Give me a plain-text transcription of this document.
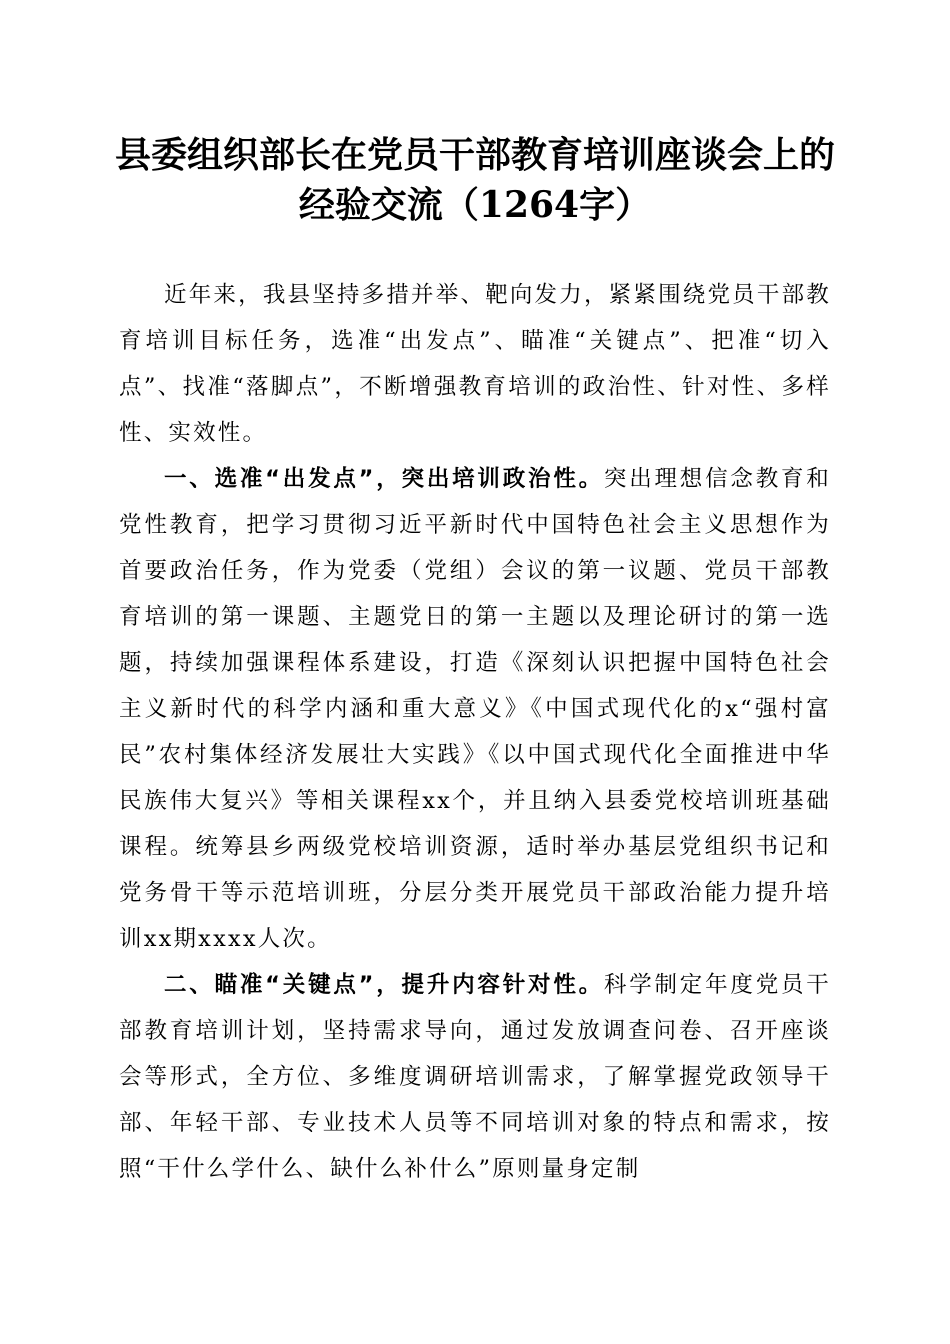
县委组织部长在党员干部教育培训座谈会上的
经验交流（1264字）

近年来，我县坚持多措并举、靶向发力，紧紧围绕党员干部教育培训目标任务，选准“出发点”、瞄准“关键点”、把准“切入点”、找准“落脚点”，不断增强教育培训的政治性、针对性、多样性、实效性。

一、选准“出发点”，突出培训政治性。突出理想信念教育和党性教育，把学习贯彻习近平新时代中国特色社会主义思想作为首要政治任务，作为党委（党组）会议的第一议题、党员干部教育培训的第一课题、主题党日的第一主题以及理论研讨的第一选题，持续加强课程体系建设，打造《深刻认识把握中国特色社会主义新时代的科学内涵和重大意义》《中国式现代化的x“强村富民”农村集体经济发展壮大实践》《以中国式现代化全面推进中华民族伟大复兴》等相关课程xx个，并且纳入县委党校培训班基础课程。统筹县乡两级党校培训资源，适时举办基层党组织书记和党务骨干等示范培训班，分层分类开展党员干部政治能力提升培训xx期xxxx人次。

二、瞄准“关键点”，提升内容针对性。科学制定年度党员干部教育培训计划，坚持需求导向，通过发放调查问卷、召开座谈会等形式，全方位、多维度调研培训需求，了解掌握党政领导干部、年轻干部、专业技术人员等不同培训对象的特点和需求，按照“干什么学什么、缺什么补什么”原则量身定制
